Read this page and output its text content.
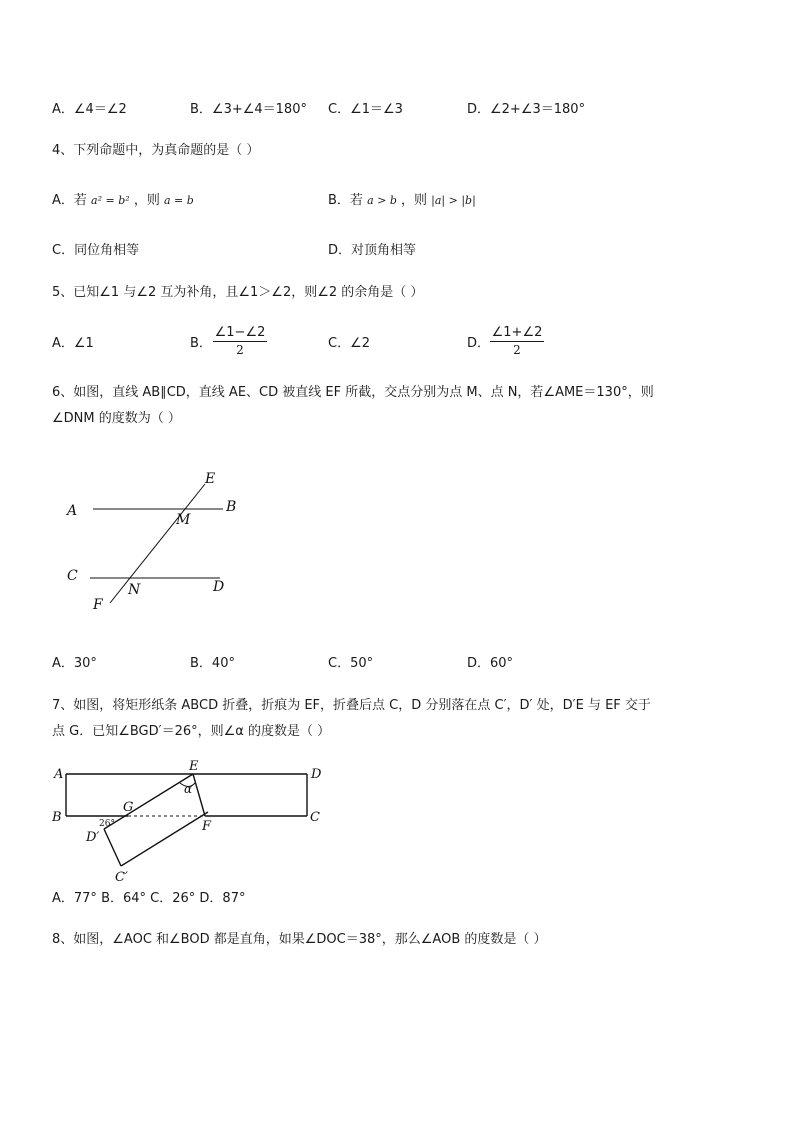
A．∠4＝∠2	B．∠3+∠4＝180° C．∠1＝∠3	D．∠2+∠3＝180°
4、下列命题中，为真命题的是（ ）
A．若 a² = b² ，则 a = b	B．若 a > b ，则 |a| > |b|
C．同位角相等	D．对顶角相等
5、已知∠1 与∠2 互为补角，且∠1＞∠2，则∠2 的余角是（ ）
A．∠1	B． $\frac{\angle 1-\angle 2}{2}$	C．∠2	D． $\frac{\angle 1+\angle 2}{2}$
6、如图，直线 AB∥CD，直线 AE、CD 被直线 EF 所截，交点分别为点 M、点 N，若∠AME＝130°，则
∠DNM 的度数为（ ）
E
A	B
M
C
N	D
F
A．30°	B．40°	C．50°	D．60°
7、如图，将矩形纸条 ABCD 折叠，折痕为 EF，折叠后点 C，D 分别落在点 C′，D′ 处，D′E 与 EF 交于
点 G．已知∠BGD′＝26°，则∠α 的度数是（ ）
A
E
D
α
B
G
C
26°
D′
F
C′
A．77° B．64° C．26° D．87°
8、如图，∠AOC 和∠BOD 都是直角，如果∠DOC＝38°，那么∠AOB 的度数是（ ）
